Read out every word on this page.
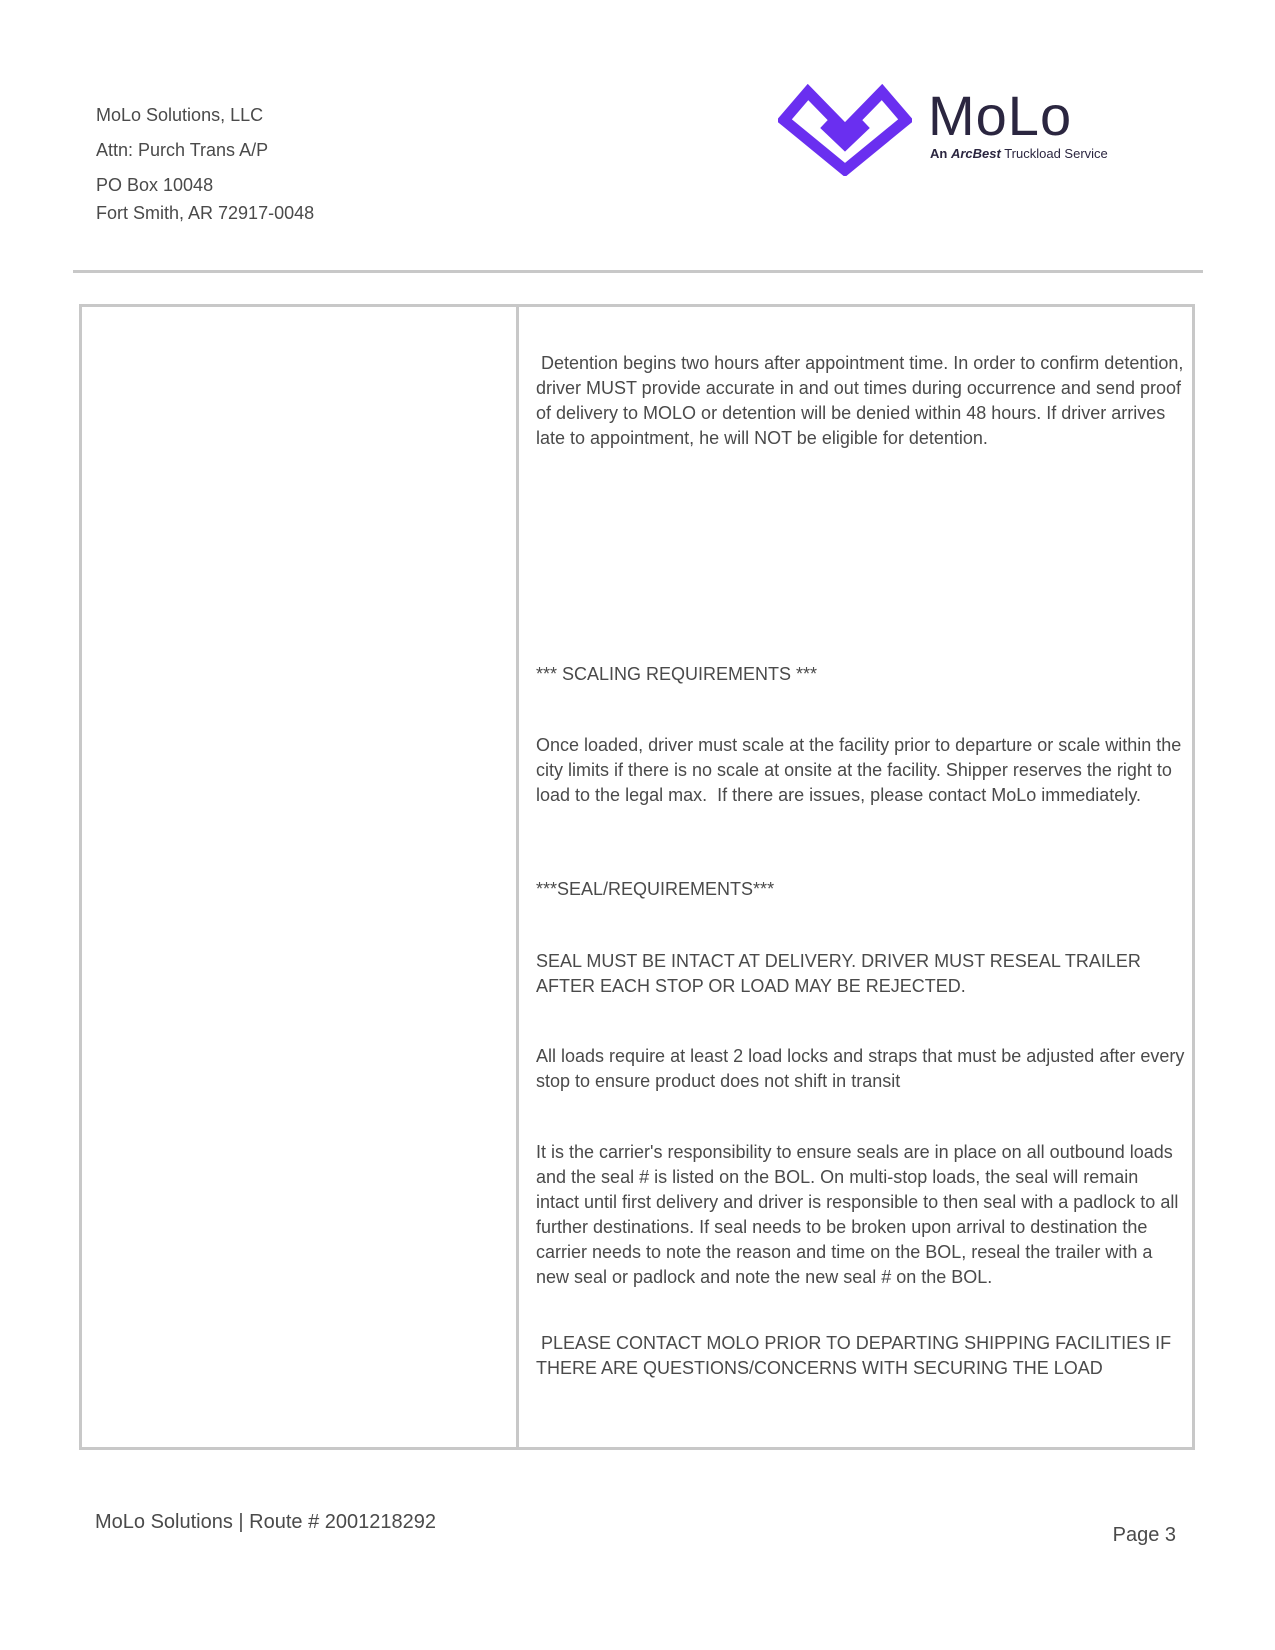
MoLo Solutions, LLC
Attn: Purch Trans A/P
PO Box 10048
Fort Smith, AR 72917-0048
MoLo
An ArcBest Truckload Service

Detention begins two hours after appointment time. In order to confirm detention, driver MUST provide accurate in and out times during occurrence and send proof of delivery to MOLO or detention will be denied within 48 hours. If driver arrives late to appointment, he will NOT be eligible for detention.

*** SCALING REQUIREMENTS ***

Once loaded, driver must scale at the facility prior to departure or scale within the city limits if there is no scale at onsite at the facility. Shipper reserves the right to load to the legal max.  If there are issues, please contact MoLo immediately.

***SEAL/REQUIREMENTS***

SEAL MUST BE INTACT AT DELIVERY. DRIVER MUST RESEAL TRAILER AFTER EACH STOP OR LOAD MAY BE REJECTED.

All loads require at least 2 load locks and straps that must be adjusted after every stop to ensure product does not shift in transit

It is the carrier's responsibility to ensure seals are in place on all outbound loads and the seal # is listed on the BOL. On multi-stop loads, the seal will remain intact until first delivery and driver is responsible to then seal with a padlock to all further destinations. If seal needs to be broken upon arrival to destination the carrier needs to note the reason and time on the BOL, reseal the trailer with a new seal or padlock and note the new seal # on the BOL.

PLEASE CONTACT MOLO PRIOR TO DEPARTING SHIPPING FACILITIES IF THERE ARE QUESTIONS/CONCERNS WITH SECURING THE LOAD

MoLo Solutions | Route # 2001218292
Page 3
